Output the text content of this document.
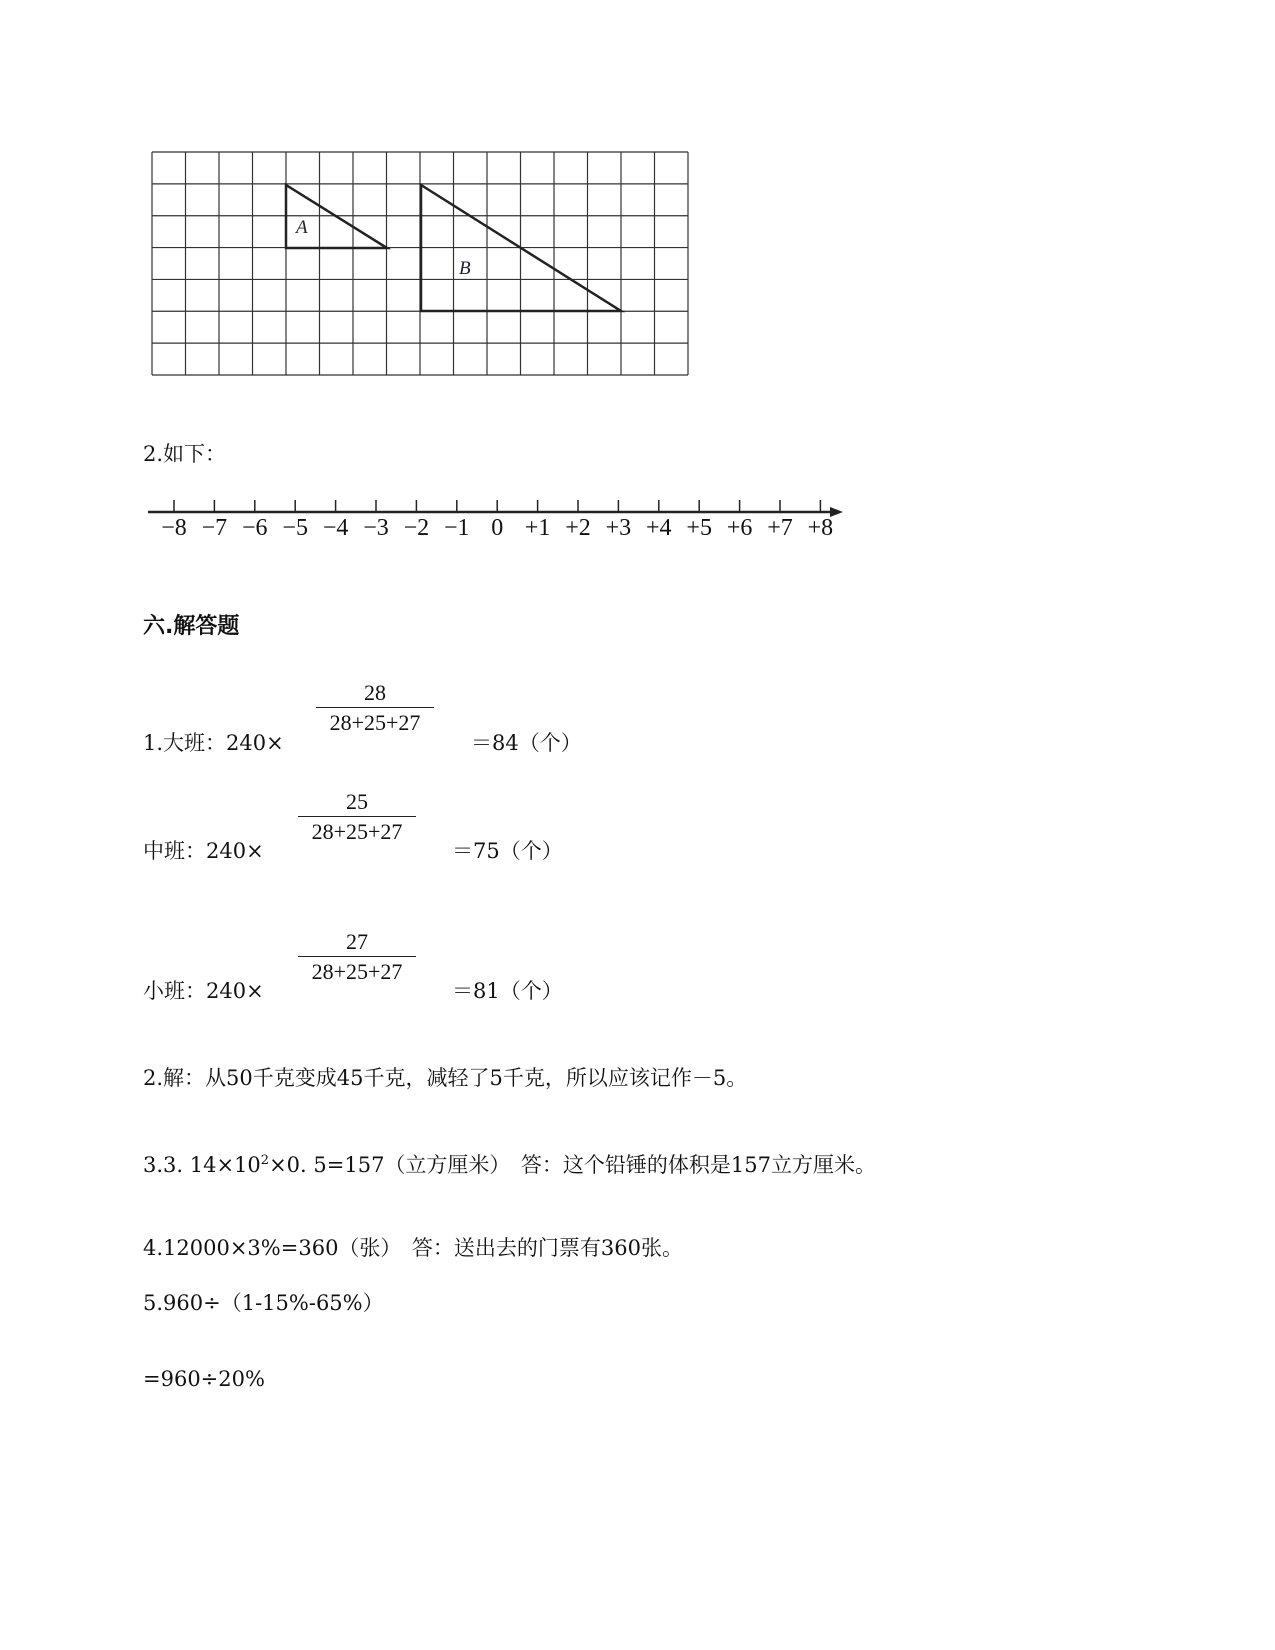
A
B
2.如下：
−8 −7 −6 −5 −4 −3 −2 −1 0 +1 +2 +3 +4 +5 +6 +7 +8
六.解答题
1.大班：240×
28
28+25+27
＝84（个）
中班：240×
25
28+25+27
＝75（个）
小班：240×
27
28+25+27
＝81（个）
2.解：从50千克变成45千克，减轻了5千克，所以应该记作－5。
3.3. $14\times 10^2\times 0$. 5=157（立方厘米）　答：这个铅锤的体积是157立方厘米。
4.12000×3%=360（张）　答：送出去的门票有360张。
5.960÷（1-15%-65%）
=960÷20%
